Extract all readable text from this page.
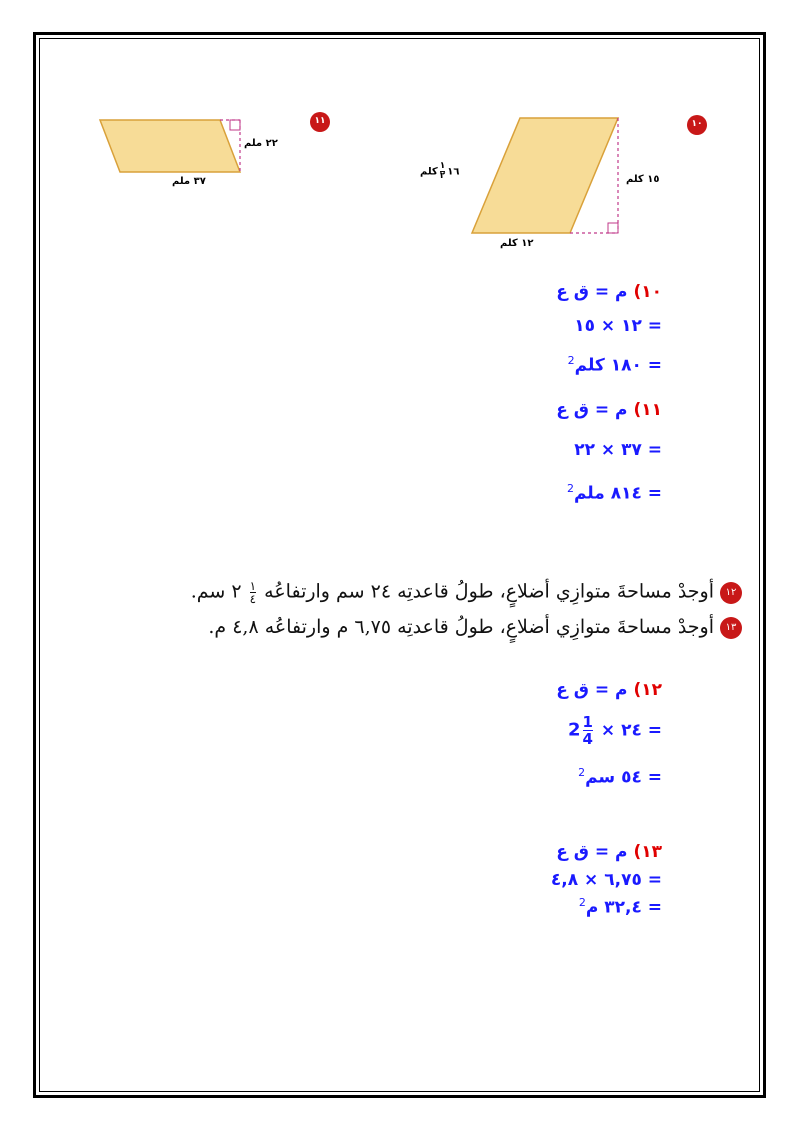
١١
٢٢ ملم
٣٧ ملم
١٠
١٥ كلم
١٢ كلم
١٦
$\frac{١}{٢}$
كلم
١٠) م = ق ع
= ١٢ × ١٥
= ١٨٠ كلم$^2$
١١) م = ق ع
= ٣٧ × ٢٢
= ٨١٤ ملم$^2$
١٢أوجدْ مساحةَ متوازِي أضلاعٍ، طولُ قاعدتِه ٢٤ سم وارتفاعُه
$\frac{١}{٤}$
٢ سم.
١٣أوجدْ مساحةَ متوازِي أضلاعٍ، طولُ قاعدتِه ٦,٧٥ م وارتفاعُه ٤,٨ م.
١٢) م = ق ع
= ٢٤ × $2 \frac{1}{4}$
= ٥٤ سم$^2$
١٣) م = ق ع
= ٦,٧٥ × ٤,٨
= ٣٢,٤ م$^2$
